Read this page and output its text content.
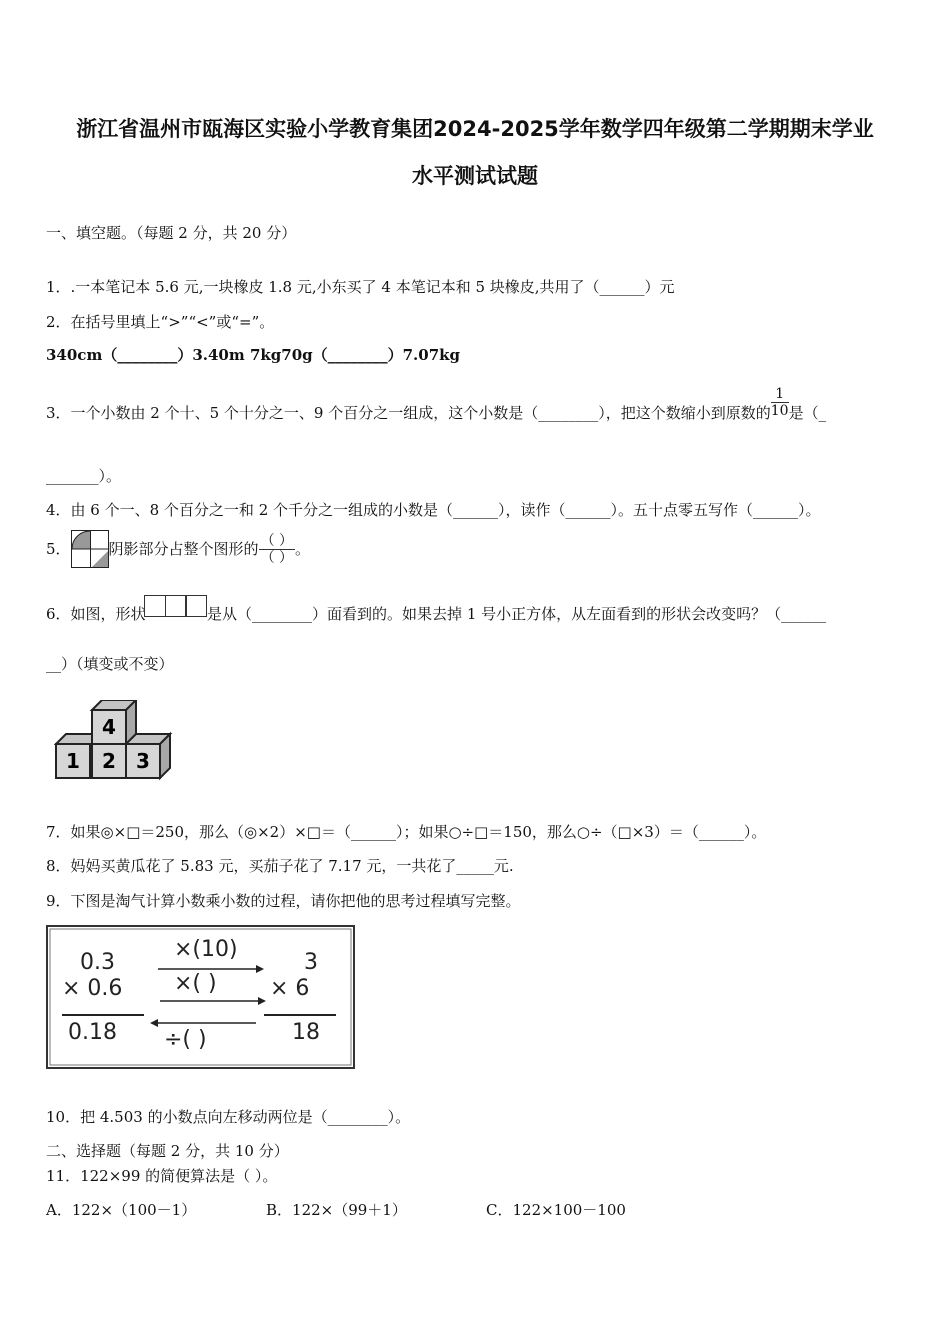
浙江省温州市瓯海区实验小学教育集团2024-2025学年数学四年级第二学期期末学业
水平测试试题
一、填空题。（每题 2 分，共 20 分）
1．.一本笔记本 5.6 元,一块橡皮 1.8 元,小东买了 4 本笔记本和 5 块橡皮,共用了（______）元
2．在括号里填上“>”“<”或“=”。
340cm（________）3.40m 7kg70g（________）7.07kg
3．一个小数由 2 个十、5 个十分之一、9 个百分之一组成，这个小数是（________），把这个数缩小到原数的 $\frac{1}{10}$ 是（_
_______）。
4．由 6 个一、8 个百分之一和 2 个千分之一组成的小数是（______），读作（______）。五十点零五写作（______）。
5．	阴影部分占整个图形的 $\frac{( )}{( )}$ 。
6．如图，形状	是从（________）面看到的。如果去掉 1 号小正方体，从左面看到的形状会改变吗？（______
__）（填变或不变）
4
1 2 3
7．如果◎×□＝250，那么（◎×2）×□＝（______）；如果○÷□＝150，那么○÷（□×3）＝（______）。
8．妈妈买黄瓜花了 5.83 元，买茄子花了 7.17 元，一共花了_____元.
9．下图是淘气计算小数乘小数的过程，请你把他的思考过程填写完整。
0.3
× 0.6
0.18
×(10)
×( )
÷( )
3
× 6
18
10．把 4.503 的小数点向左移动两位是（________）。
二、选择题（每题 2 分，共 10 分）
11．122×99 的简便算法是（ ）。
A．122×（100－1）	B．122×（99＋1）	C．122×100－100
